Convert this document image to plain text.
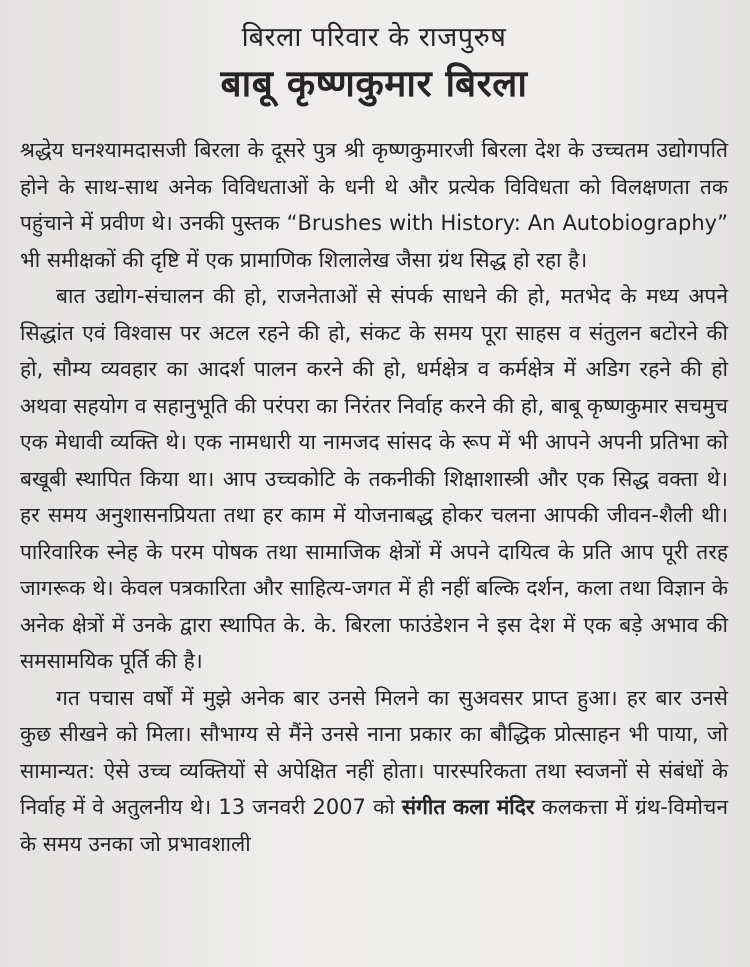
बिरला परिवार के राजपुरुष
बाबू कृष्णकुमार बिरला

श्रद्धेय घनश्यामदासजी बिरला के दूसरे पुत्र श्री कृष्णकुमारजी बिरला देश के उच्चतम उद्योगपति होने के साथ-साथ अनेक विविधताओं के धनी थे और प्रत्येक विविधता को विलक्षणता तक पहुंचाने में प्रवीण थे। उनकी पुस्तक “Brushes with History: An Autobiography” भी समीक्षकों की दृष्टि में एक प्रामाणिक शिलालेख जैसा ग्रंथ सिद्ध हो रहा है।

बात उद्योग-संचालन की हो, राजनेताओं से संपर्क साधने की हो, मतभेद के मध्य अपने सिद्धांत एवं विश्वास पर अटल रहने की हो, संकट के समय पूरा साहस व संतुलन बटोरने की हो, सौम्य व्यवहार का आदर्श पालन करने की हो, धर्मक्षेत्र व कर्मक्षेत्र में अडिग रहने की हो अथवा सहयोग व सहानुभूति की परंपरा का निरंतर निर्वाह करने की हो, बाबू कृष्णकुमार सचमुच एक मेधावी व्यक्ति थे। एक नामधारी या नामजद सांसद के रूप में भी आपने अपनी प्रतिभा को बखूबी स्थापित किया था। आप उच्चकोटि के तकनीकी शिक्षाशास्त्री और एक सिद्ध वक्ता थे। हर समय अनुशासनप्रियता तथा हर काम में योजनाबद्ध होकर चलना आपकी जीवन-शैली थी। पारिवारिक स्नेह के परम पोषक तथा सामाजिक क्षेत्रों में अपने दायित्व के प्रति आप पूरी तरह जागरूक थे। केवल पत्रकारिता और साहित्य-जगत में ही नहीं बल्कि दर्शन, कला तथा विज्ञान के अनेक क्षेत्रों में उनके द्वारा स्थापित के. के. बिरला फाउंडेशन ने इस देश में एक बड़े अभाव की समसामयिक पूर्ति की है।

गत पचास वर्षों में मुझे अनेक बार उनसे मिलने का सुअवसर प्राप्त हुआ। हर बार उनसे कुछ सीखने को मिला। सौभाग्य से मैंने उनसे नाना प्रकार का बौद्धिक प्रोत्साहन भी पाया, जो सामान्यत: ऐसे उच्च व्यक्तियों से अपेक्षित नहीं होता। पारस्परिकता तथा स्वजनों से संबंधों के निर्वाह में वे अतुलनीय थे। 13 जनवरी 2007 को संगीत कला मंदिर कलकत्ता में ग्रंथ-विमोचन के समय उनका जो प्रभावशाली
